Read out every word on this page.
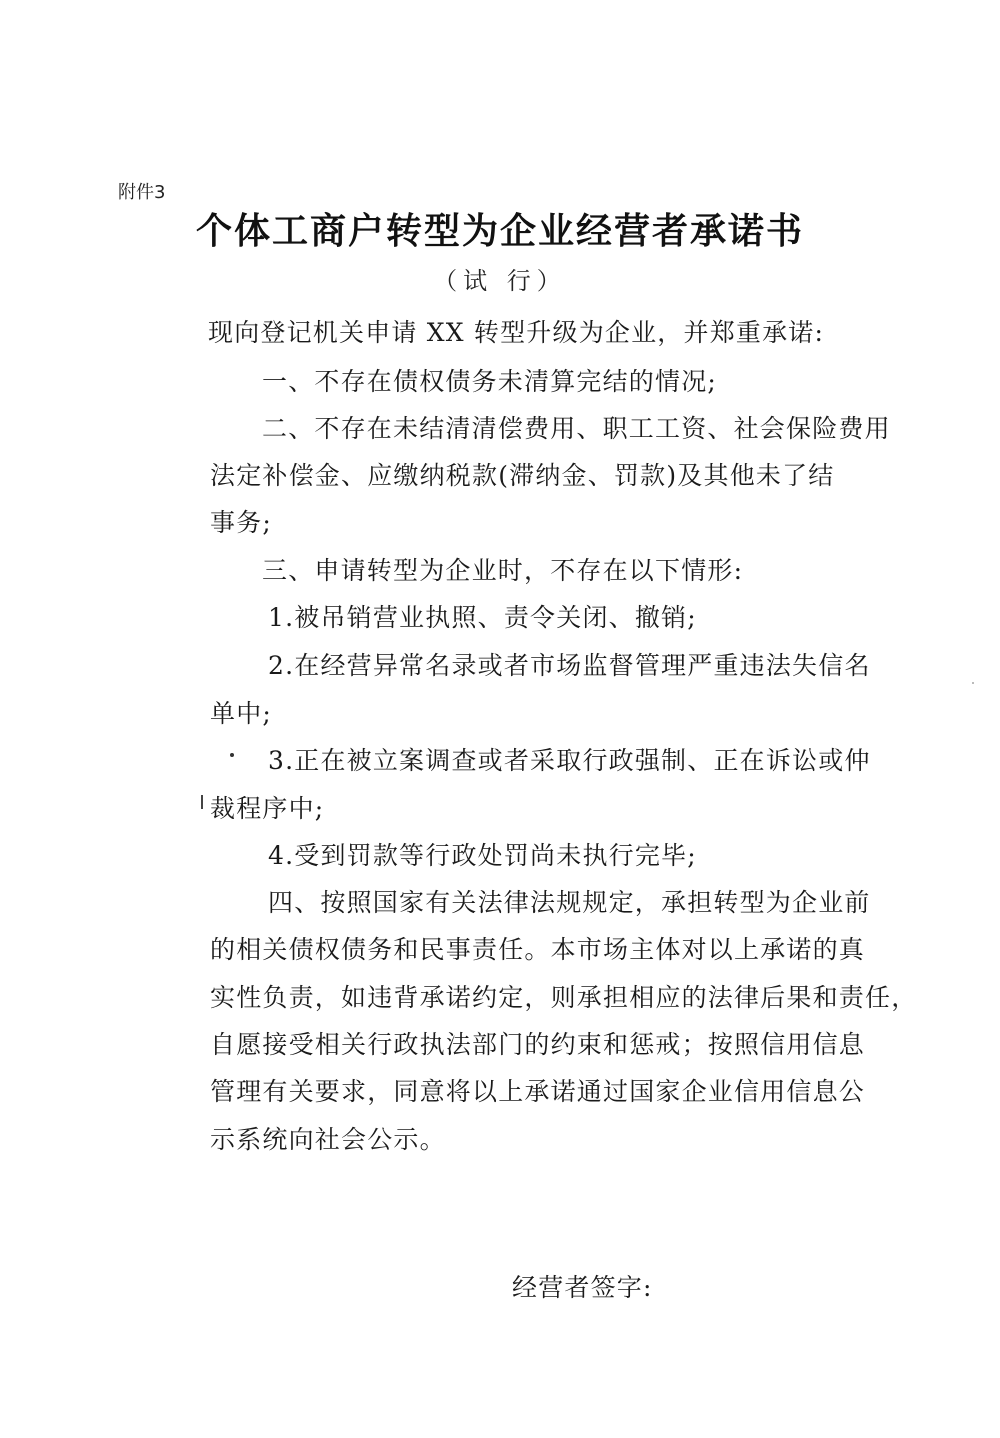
附件3
个体工商户转型为企业经营者承诺书
（试 行）
现向登记机关申请 XX 转型升级为企业，并郑重承诺:
一、不存在债权债务未清算完结的情况;
二、不存在未结清清偿费用、职工工资、社会保险费用
法定补偿金、应缴纳税款(滞纳金、罚款)及其他未了结
事务;
三、申请转型为企业时，不存在以下情形:
1.被吊销营业执照、责令关闭、撤销;
2.在经营异常名录或者市场监督管理严重违法失信名
单中;
3.正在被立案调查或者采取行政强制、正在诉讼或仲
裁程序中;
4.受到罚款等行政处罚尚未执行完毕;
四、按照国家有关法律法规规定，承担转型为企业前
的相关债权债务和民事责任。本市场主体对以上承诺的真
实性负责，如违背承诺约定，则承担相应的法律后果和责任，
自愿接受相关行政执法部门的约束和惩戒；按照信用信息
管理有关要求，同意将以上承诺通过国家企业信用信息公
示系统向社会公示。
经营者签字:
